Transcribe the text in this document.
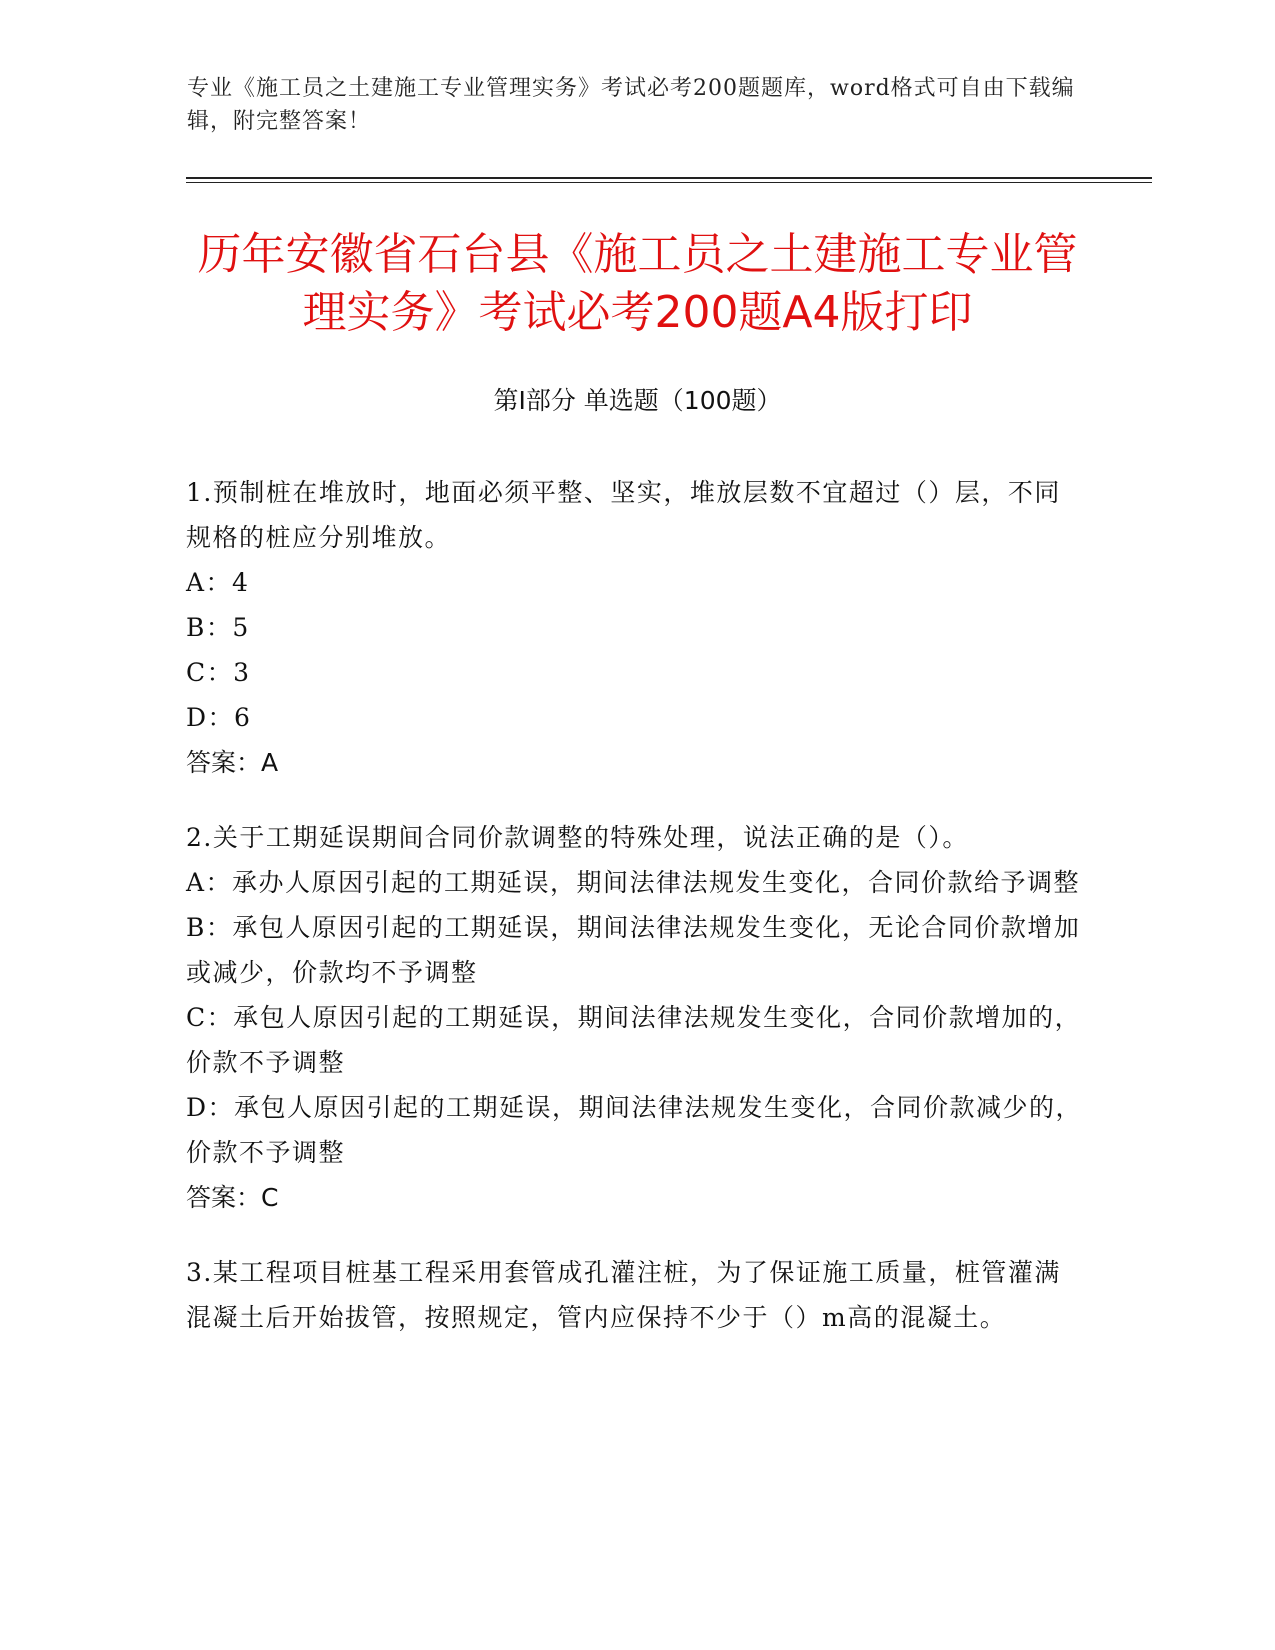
专业《施工员之土建施工专业管理实务》考试必考200题题库，word格式可自由下载编辑，附完整答案！
历年安徽省石台县《施工员之土建施工专业管理实务》考试必考200题A4版打印
第Ⅰ部分 单选题（100题）
1.预制桩在堆放时，地面必须平整、坚实，堆放层数不宜超过（）层，不同规格的桩应分别堆放。
A：4
B：5
C：3
D：6
答案：A
2.关于工期延误期间合同价款调整的特殊处理，说法正确的是（）。
A：承办人原因引起的工期延误，期间法律法规发生变化，合同价款给予调整
B：承包人原因引起的工期延误，期间法律法规发生变化，无论合同价款增加或减少，价款均不予调整
C：承包人原因引起的工期延误，期间法律法规发生变化，合同价款增加的，价款不予调整
D：承包人原因引起的工期延误，期间法律法规发生变化，合同价款减少的，价款不予调整
答案：C
3.某工程项目桩基工程采用套管成孔灌注桩，为了保证施工质量，桩管灌满混凝土后开始拔管，按照规定，管内应保持不少于（）m高的混凝土。
